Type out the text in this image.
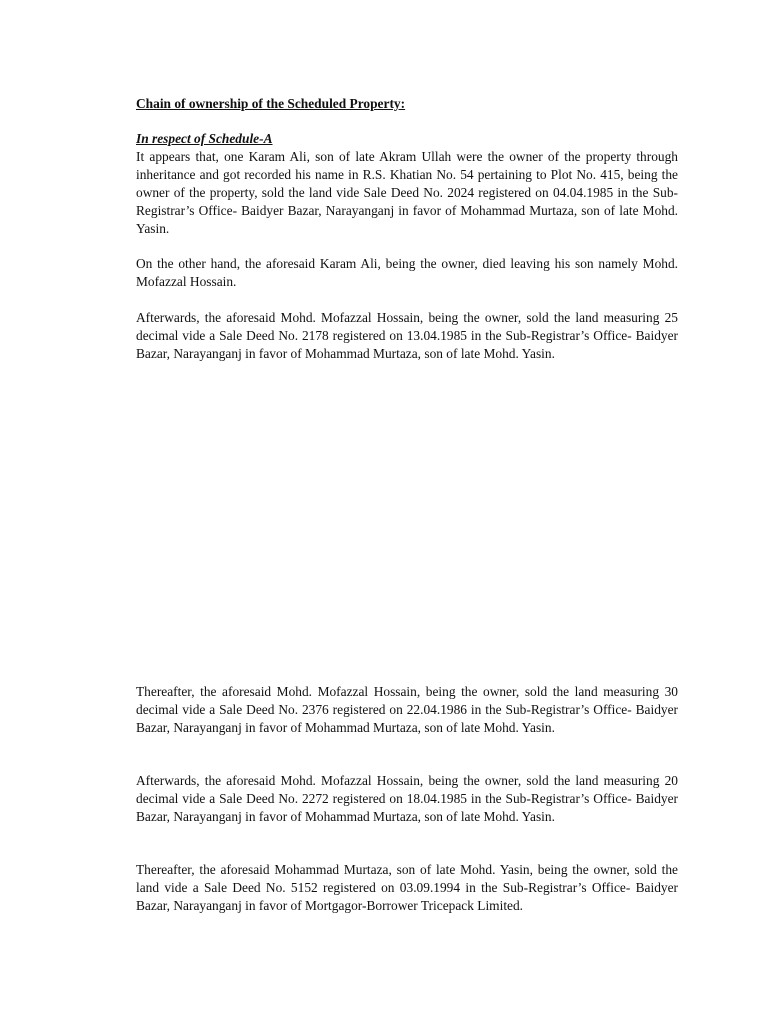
Chain of ownership of the Scheduled Property:
In respect of Schedule-A

It appears that, one Karam Ali, son of late Akram Ullah were the owner of the property through inheritance and got recorded his name in R.S. Khatian No. 54 pertaining to Plot No. 415, being the owner of the property, sold the land vide Sale Deed No. 2024 registered on 04.04.1985 in the Sub-Registrar’s Office- Baidyer Bazar, Narayanganj in favor of Mohammad Murtaza, son of late Mohd. Yasin.

On the other hand, the aforesaid Karam Ali, being the owner, died leaving his son namely Mohd. Mofazzal Hossain.

Afterwards, the aforesaid Mohd. Mofazzal Hossain, being the owner, sold the land measuring 25 decimal vide a Sale Deed No. 2178 registered on 13.04.1985 in the Sub-Registrar’s Office- Baidyer Bazar, Narayanganj in favor of Mohammad Murtaza, son of late Mohd. Yasin.

Thereafter, the aforesaid Mohd. Mofazzal Hossain, being the owner, sold the land measuring 30 decimal vide a Sale Deed No. 2376 registered on 22.04.1986 in the Sub-Registrar’s Office- Baidyer Bazar, Narayanganj in favor of Mohammad Murtaza, son of late Mohd. Yasin.

Afterwards, the aforesaid Mohd. Mofazzal Hossain, being the owner, sold the land measuring 20 decimal vide a Sale Deed No. 2272 registered on 18.04.1985 in the Sub-Registrar’s Office- Baidyer Bazar, Narayanganj in favor of Mohammad Murtaza, son of late Mohd. Yasin.

Thereafter, the aforesaid Mohammad Murtaza, son of late Mohd. Yasin, being the owner, sold the land vide a Sale Deed No. 5152 registered on 03.09.1994 in the Sub-Registrar’s Office- Baidyer Bazar, Narayanganj in favor of Mortgagor-Borrower Tricepack Limited.
